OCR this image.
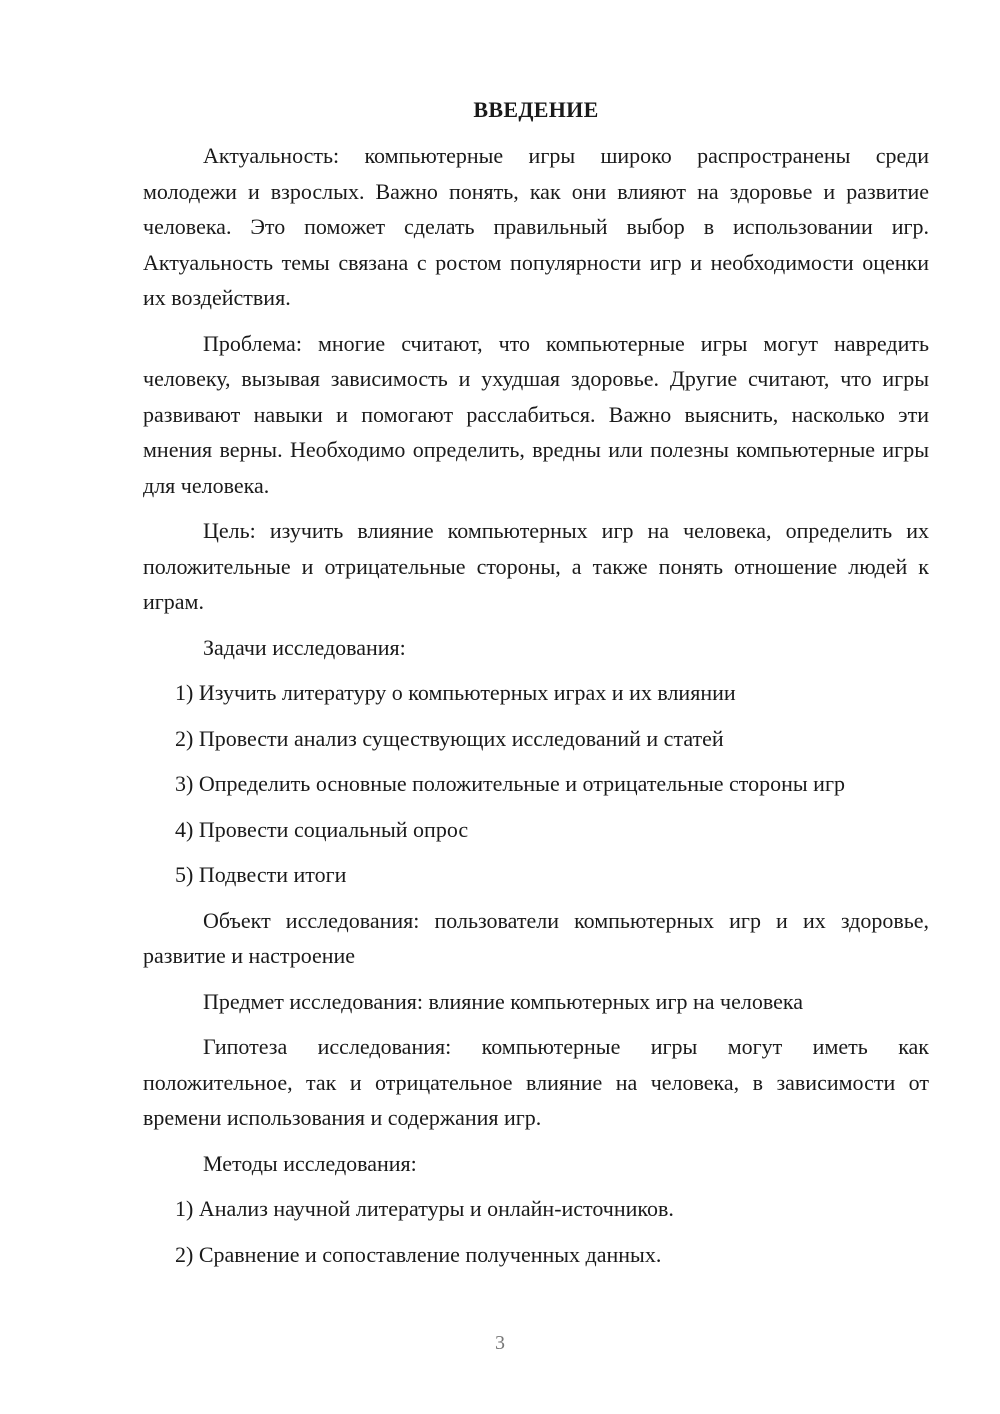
ВВЕДЕНИЕ

Актуальность: компьютерные игры широко распространены среди молодежи и взрослых. Важно понять, как они влияют на здоровье и развитие человека. Это поможет сделать правильный выбор в использовании игр. Актуальность темы связана с ростом популярности игр и необходимости оценки их воздействия.

Проблема: многие считают, что компьютерные игры могут навредить человеку, вызывая зависимость и ухудшая здоровье. Другие считают, что игры развивают навыки и помогают расслабиться. Важно выяснить, насколько эти мнения верны. Необходимо определить, вредны или полезны компьютерные игры для человека.

Цель: изучить влияние компьютерных игр на человека, определить их положительные и отрицательные стороны, а также понять отношение людей к играм.

Задачи исследования:

1) Изучить литературу о компьютерных играх и их влиянии

2) Провести анализ существующих исследований и статей

3) Определить основные положительные и отрицательные стороны игр

4) Провести социальный опрос

5) Подвести итоги

Объект исследования: пользователи компьютерных игр и их здоровье, развитие и настроение

Предмет исследования: влияние компьютерных игр на человека

Гипотеза исследования: компьютерные игры могут иметь как положительное, так и отрицательное влияние на человека, в зависимости от времени использования и содержания игр.

Методы исследования:

1) Анализ научной литературы и онлайн-источников.

2) Сравнение и сопоставление полученных данных.

3
